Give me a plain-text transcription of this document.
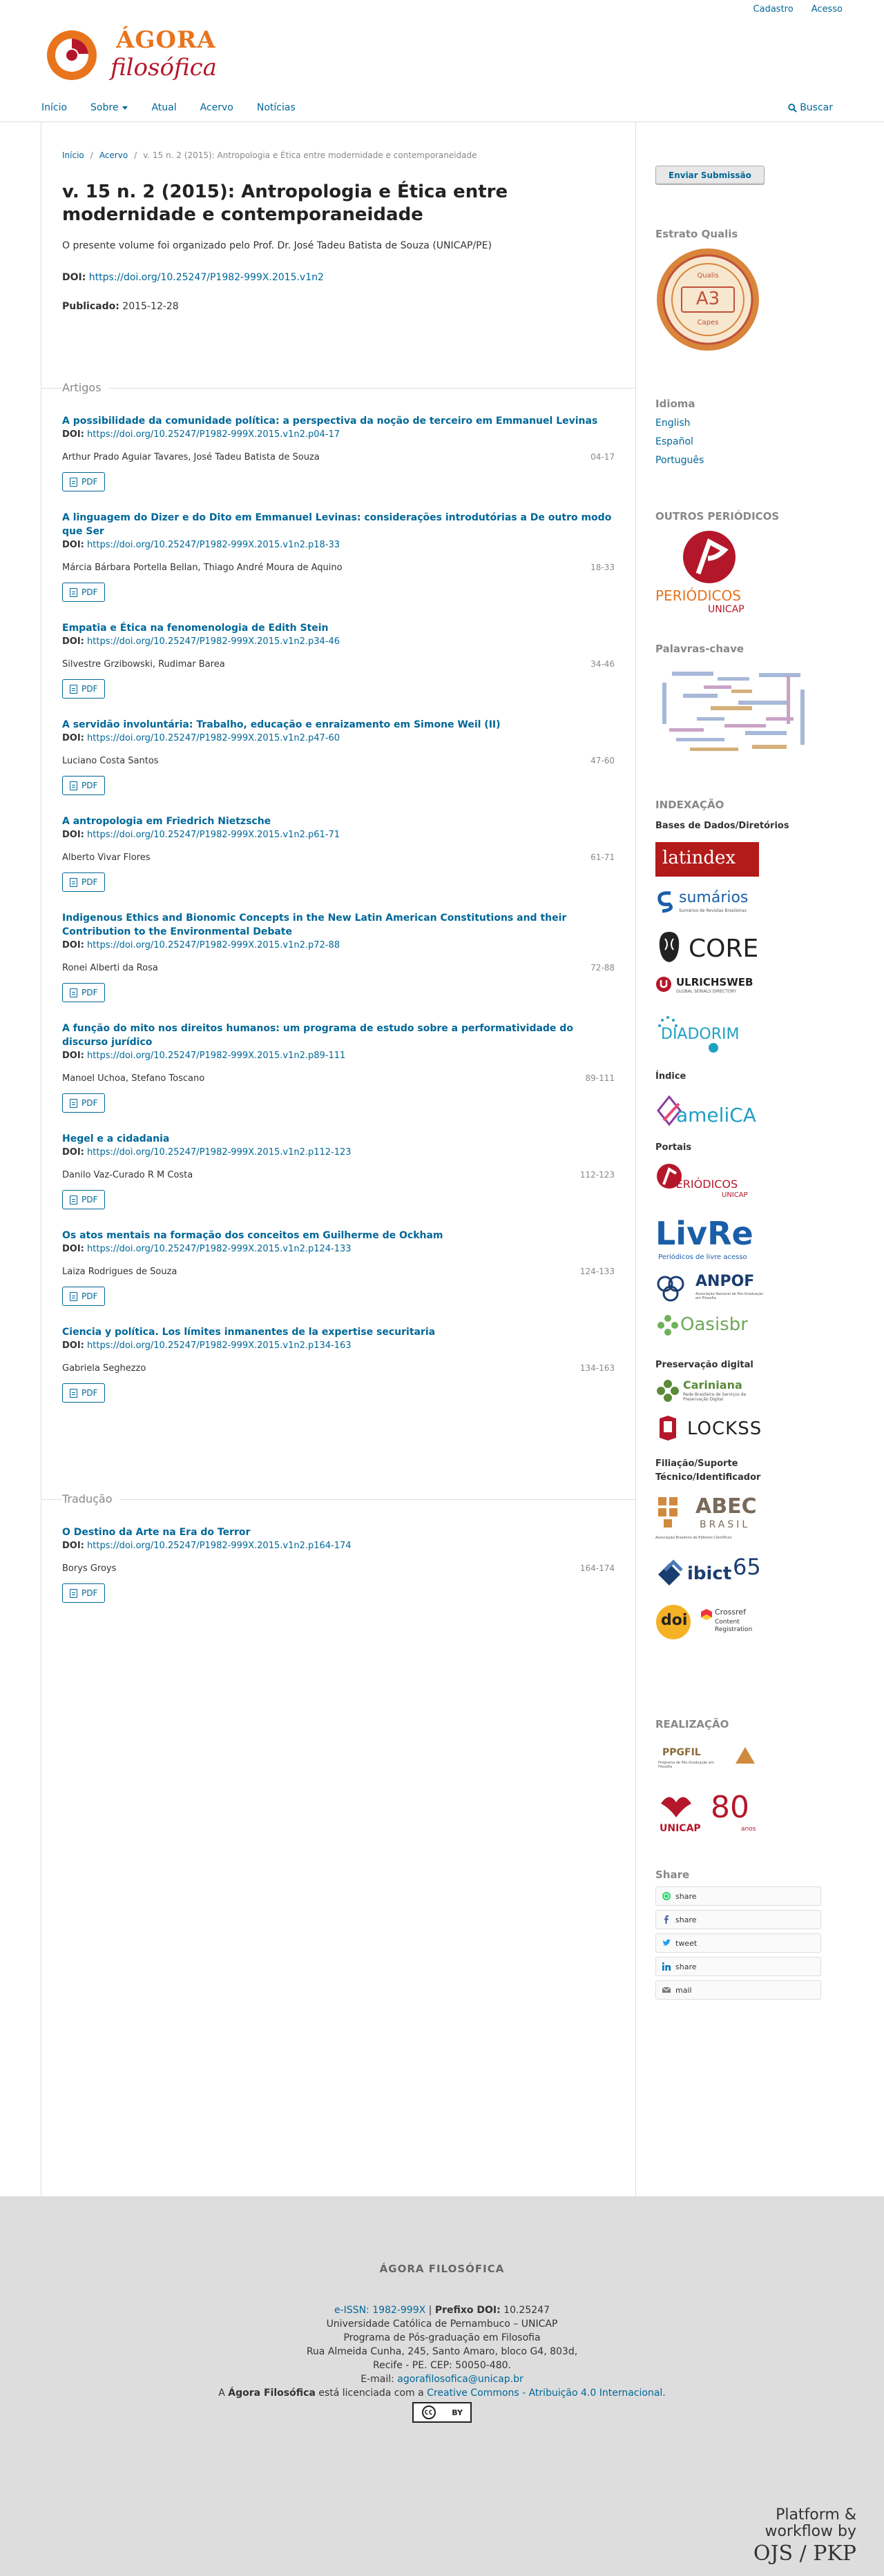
Cadastro Acesso
ÁGORA
filosófica
Início Sobre	Atual Acervo Notícias	Buscar
Início / Acervo / v. 15 n. 2 (2015): Antropologia e Ética entre modernidade e contemporaneidade
v. 15 n. 2 (2015): Antropologia e Ética entre modernidade e contemporaneidade

O presente volume foi organizado pelo Prof. Dr. José Tadeu Batista de Souza (UNICAP/PE)

DOI: https://doi.org/10.25247/P1982-999X.2015.v1n2

Publicado: 2015-12-28

Artigos
A possibilidade da comunidade política: a perspectiva da noção de terceiro em Emmanuel Levinas
DOI: https://doi.org/10.25247/P1982-999X.2015.v1n2.p04-17
Arthur Prado Aguiar Tavares, José Tadeu Batista de Souza	04-17
PDF
A linguagem do Dizer e do Dito em Emmanuel Levinas: considerações introdutórias a De outro modo que Ser
DOI: https://doi.org/10.25247/P1982-999X.2015.v1n2.p18-33
Márcia Bárbara Portella Bellan, Thiago André Moura de Aquino	18-33
PDF
Empatia e Ética na fenomenologia de Edith Stein
DOI: https://doi.org/10.25247/P1982-999X.2015.v1n2.p34-46
Silvestre Grzibowski, Rudimar Barea	34-46
PDF
A servidão involuntária: Trabalho, educação e enraizamento em Simone Weil (II)
DOI: https://doi.org/10.25247/P1982-999X.2015.v1n2.p47-60
Luciano Costa Santos	47-60
PDF
A antropologia em Friedrich Nietzsche
DOI: https://doi.org/10.25247/P1982-999X.2015.v1n2.p61-71
Alberto Vivar Flores	61-71
PDF
Indigenous Ethics and Bionomic Concepts in the New Latin American Constitutions and their Contribution to the Environmental Debate
DOI: https://doi.org/10.25247/P1982-999X.2015.v1n2.p72-88
Ronei Alberti da Rosa	72-88
PDF
A função do mito nos direitos humanos: um programa de estudo sobre a performatividade do discurso jurídico
DOI: https://doi.org/10.25247/P1982-999X.2015.v1n2.p89-111
Manoel Uchoa, Stefano Toscano	89-111
PDF
Hegel e a cidadania
DOI: https://doi.org/10.25247/P1982-999X.2015.v1n2.p112-123
Danilo Vaz-Curado R M Costa	112-123
PDF
Os atos mentais na formação dos conceitos em Guilherme de Ockham
DOI: https://doi.org/10.25247/P1982-999X.2015.v1n2.p124-133
Laiza Rodrigues de Souza	124-133
PDF
Ciencia y política. Los límites inmanentes de la expertise securitaria
DOI: https://doi.org/10.25247/P1982-999X.2015.v1n2.p134-163
Gabriela Seghezzo	134-163
PDF
Tradução
O Destino da Arte na Era do Terror
DOI: https://doi.org/10.25247/P1982-999X.2015.v1n2.p164-174
Borys Groys	164-174
PDF
Enviar Submissão
Estrato Qualis
Qualis
A3
Capes
Idioma
English
Español
Português
OUTROS PERIÓDICOS
PERIÓDICOS
UNICAP
Palavras-chave
INDEXAÇÃO
Bases de Dados/Diretórios
latindex
sumários
Sumários de Revistas Brasileiras
CORE
ULRICHSWEB
GLOBAL SERIALS DIRECTORY
DIADORIM
Índice
ameliCA
Portais
PERIÓDICOS
UNICAP
LivRe
Periódicos de livre acesso
ANPOF
Associação Nacional de Pós-Graduação em Filosofia
Oasisbr
Preservação digital
Cariniana
Rede Brasileira de Serviços de Preservação Digital
LOCKSS
Filiação/Suporte
Técnico/Identificador
ABEC
BRASIL
Associação Brasileira de Editores Científicos
ibict 65
doi	Crossref
Content Registration
REALIZAÇÃO
PPGFIL
Programa de Pós-Graduação em Filosofia
UNICAP
80
anos
Share
share
share
tweet
share
mail
ÁGORA FILOSÓFICA
e-ISSN: 1982-999X | Prefixo DOI: 10.25247
Universidade Católica de Pernambuco – UNICAP
Programa de Pós-graduação em Filosofia
Rua Almeida Cunha, 245, Santo Amaro, bloco G4, 803d,
Recife - PE. CEP: 50050-480.
E-mail: agorafilosofica@unicap.br
A Ágora Filosófica está licenciada com a Creative Commons - Atribuição 4.0 Internacional.
BY
Platform &
workflow by
OJS / PKP
